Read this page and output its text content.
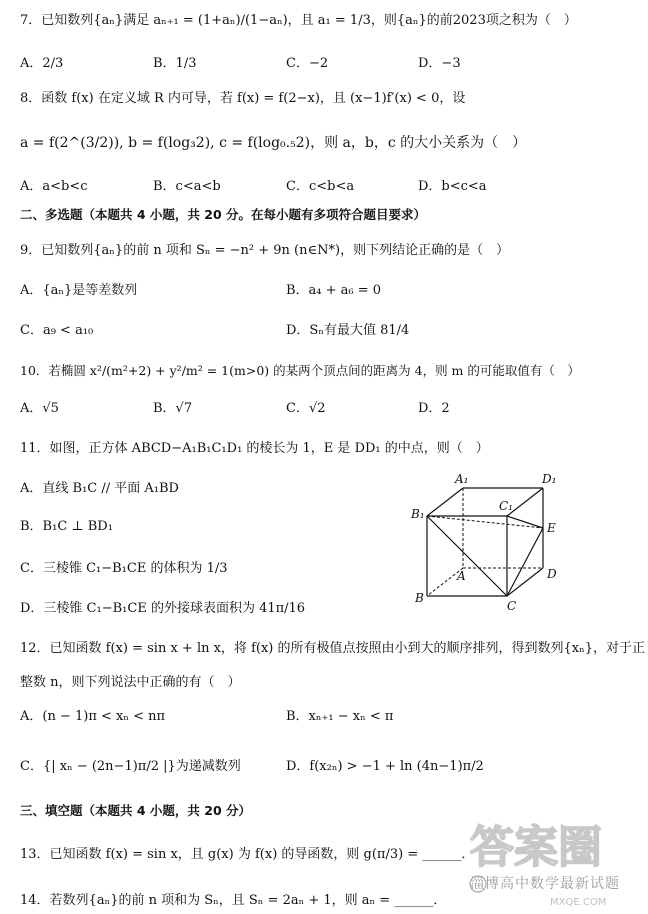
7．已知数列{aₙ}满足 aₙ₊₁ = (1+aₙ)/(1−aₙ)，且 a₁ = 1/3，则{aₙ}的前2023项之积为（　）
A．2/3	B．1/3	C．−2	D．−3
8．函数 f(x) 在定义域 R 内可导，若 f(x) = f(2−x)，且 (x−1)f′(x) < 0，设
a = f(2^(3/2)), b = f(log₃2), c = f(log₀.₅2)，则 a，b，c 的大小关系为（　）
A．a<b<c	B．c<a<b	C．c<b<a	D．b<c<a
二、多选题（本题共 4 小题，共 20 分。在每小题有多项符合题目要求）
9．已知数列{aₙ}的前 n 项和 Sₙ = −n² + 9n (n∈N*)，则下列结论正确的是（　）
A．{aₙ}是等差数列	B．a₄ + a₆ = 0
C．a₉ < a₁₀	D．Sₙ有最大值 81/4
10．若椭圆 x²/(m²+2) + y²/m² = 1(m>0) 的某两个顶点间的距离为 4，则 m 的可能取值有（　）
A．√5	B．√7	C．√2	D．2
11．如图，正方体 ABCD−A₁B₁C₁D₁ 的棱长为 1，E 是 DD₁ 的中点，则（　）
A．直线 B₁C // 平面 A₁BD
B．B₁C ⊥ BD₁
C．三棱锥 C₁−B₁CE 的体积为 1/3
D．三棱锥 C₁−B₁CE 的外接球表面积为 41π/16
A₁	D₁
B₁
C₁
E
A	D
B
C
12．已知函数 f(x) = sin x + ln x，将 f(x) 的所有极值点按照由小到大的顺序排列，得到数列{xₙ}，对于正
整数 n，则下列说法中正确的有（　）
A．(n − 1)π < xₙ < nπ	B．xₙ₊₁ − xₙ < π
C．{| xₙ − (2n−1)π/2 |}为递减数列	D．f(x₂ₙ) > −1 + ln (4n−1)π/2
三、填空题（本题共 4 小题，共 20 分）
13．已知函数 f(x) = sin x，且 g(x) 为 f(x) 的导函数，则 g(π/3) = ______．
14．若数列{aₙ}的前 n 项和为 Sₙ，且 Sₙ = 2aₙ + 1，则 aₙ = ______．
答案圈
MXQE.COM
淄博高中数学最新试题
